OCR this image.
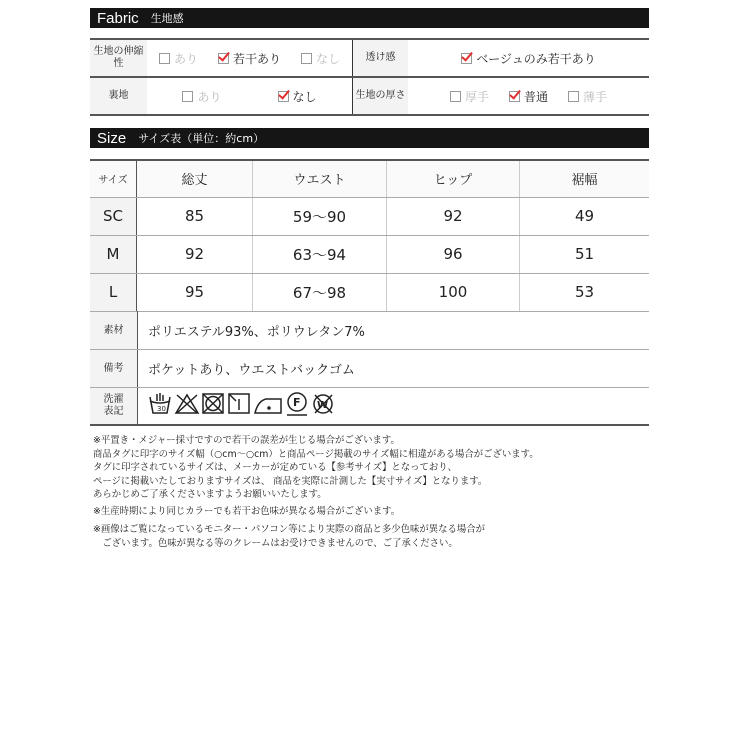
Fabric 生地感
生地の伸縮性	あり 若干あり なし	透け感	ベージュのみ若干あり

裏地	あり なし	生地の厚さ	厚手 普通 薄手
Size サイズ表（単位：約cm）
サイズ	総丈	ウエスト	ヒップ	裾幅
SC	85	59〜90	92	49
M	92	63〜94	96	51
L	95	67〜98	100	53
素材	ポリエステル93%、ポリウレタン7%
備考	ポケットあり、ウエストバックゴム
洗濯表記	30 F W

※平置き・メジャー採寸ですので若干の誤差が生じる場合がございます。

商品タグに印字のサイズ幅（○cm〜○cm）と商品ページ掲載のサイズ幅に相違がある場合がございます。

タグに印字されているサイズは、メーカーが定めている【参考サイズ】となっており、

ページに掲載いたしておりますサイズは、 商品を実際に計測した【実寸サイズ】となります。

あらかじめご了承くださいますようお願いいたします。

※生産時期により同じカラーでも若干お色味が異なる場合がございます。

※画像はご覧になっているモニター・パソコン等により実際の商品と多少色味が異なる場合が

　ございます。色味が異なる等のクレームはお受けできませんので、ご了承ください。
